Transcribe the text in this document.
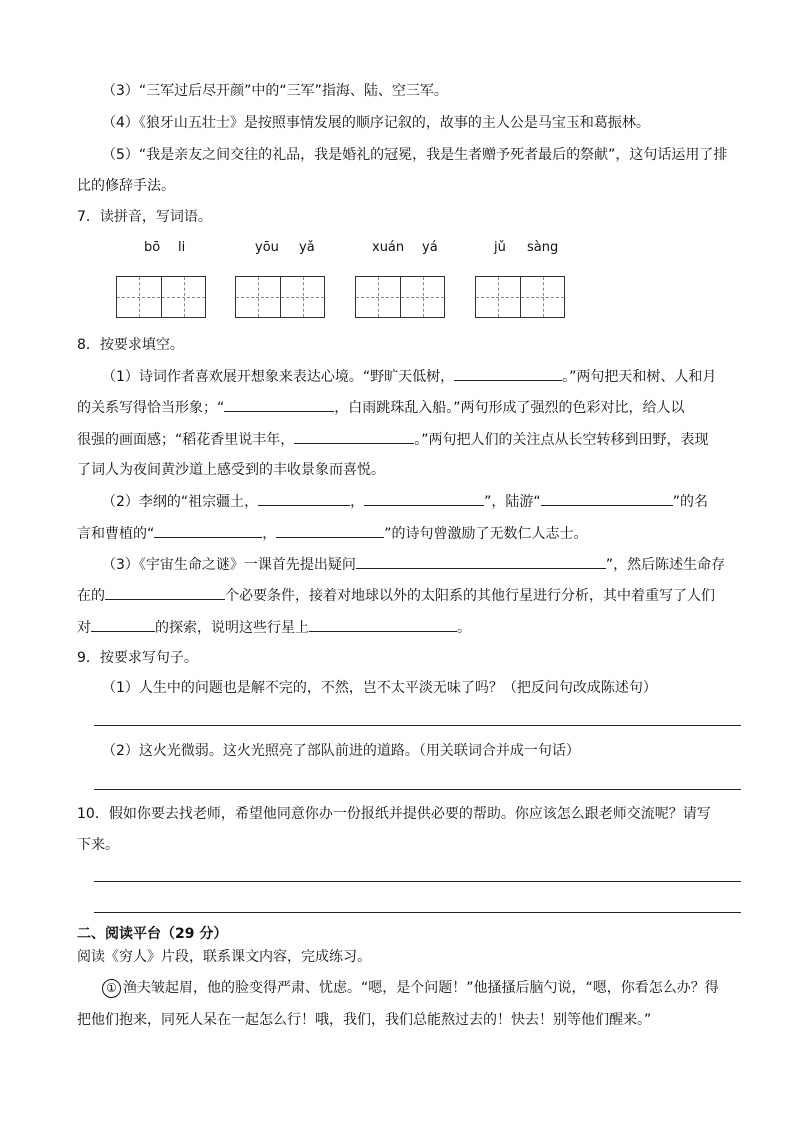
（3）“三军过后尽开颜”中的“三军”指海、陆、空三军。
（4）《狼牙山五壮士》是按照事情发展的顺序记叙的，故事的主人公是马宝玉和葛振林。
（5）“我是亲友之间交往的礼品，我是婚礼的冠冕，我是生者赠予死者最后的祭献”，这句话运用了排
比的修辞手法。
7．读拼音，写词语。
bō li	yōu yǎ	xuán yá	jǔ sàng
8．按要求填空。
（1）诗词作者喜欢展开想象来表达心境。“野旷天低树，	。”两句把天和树、人和月
的关系写得恰当形象；“	，白雨跳珠乱入船。”两句形成了强烈的色彩对比，给人以
很强的画面感；“稻花香里说丰年，	。”两句把人们的关注点从长空转移到田野，表现
了词人为夜间黄沙道上感受到的丰收景象而喜悦。
（2）李纲的“祖宗疆土，	，	”，陆游“	”的名
言和曹植的“	，	”的诗句曾激励了无数仁人志士。
（3）《宇宙生命之谜》一课首先提出疑问	”，然后陈述生命存
在的	个必要条件，接着对地球以外的太阳系的其他行星进行分析，其中着重写了人们
对	的探索，说明这些行星上	。
9．按要求写句子。
（1）人生中的问题也是解不完的，不然，岂不太平淡无味了吗？（把反问句改成陈述句）
（2）这火光微弱。这火光照亮了部队前进的道路。（用关联词合并成一句话）
10．假如你要去找老师，希望他同意你办一份报纸并提供必要的帮助。你应该怎么跟老师交流呢？请写
下来。
二、阅读平台（29 分）
阅读《穷人》片段，联系课文内容，完成练习。
① 渔夫皱起眉，他的脸变得严肃、忧虑。“嗯，是个问题！”他搔搔后脑勺说，“嗯，你看怎么办？得
把他们抱来，同死人呆在一起怎么行！哦，我们，我们总能熬过去的！快去！别等他们醒来。”
